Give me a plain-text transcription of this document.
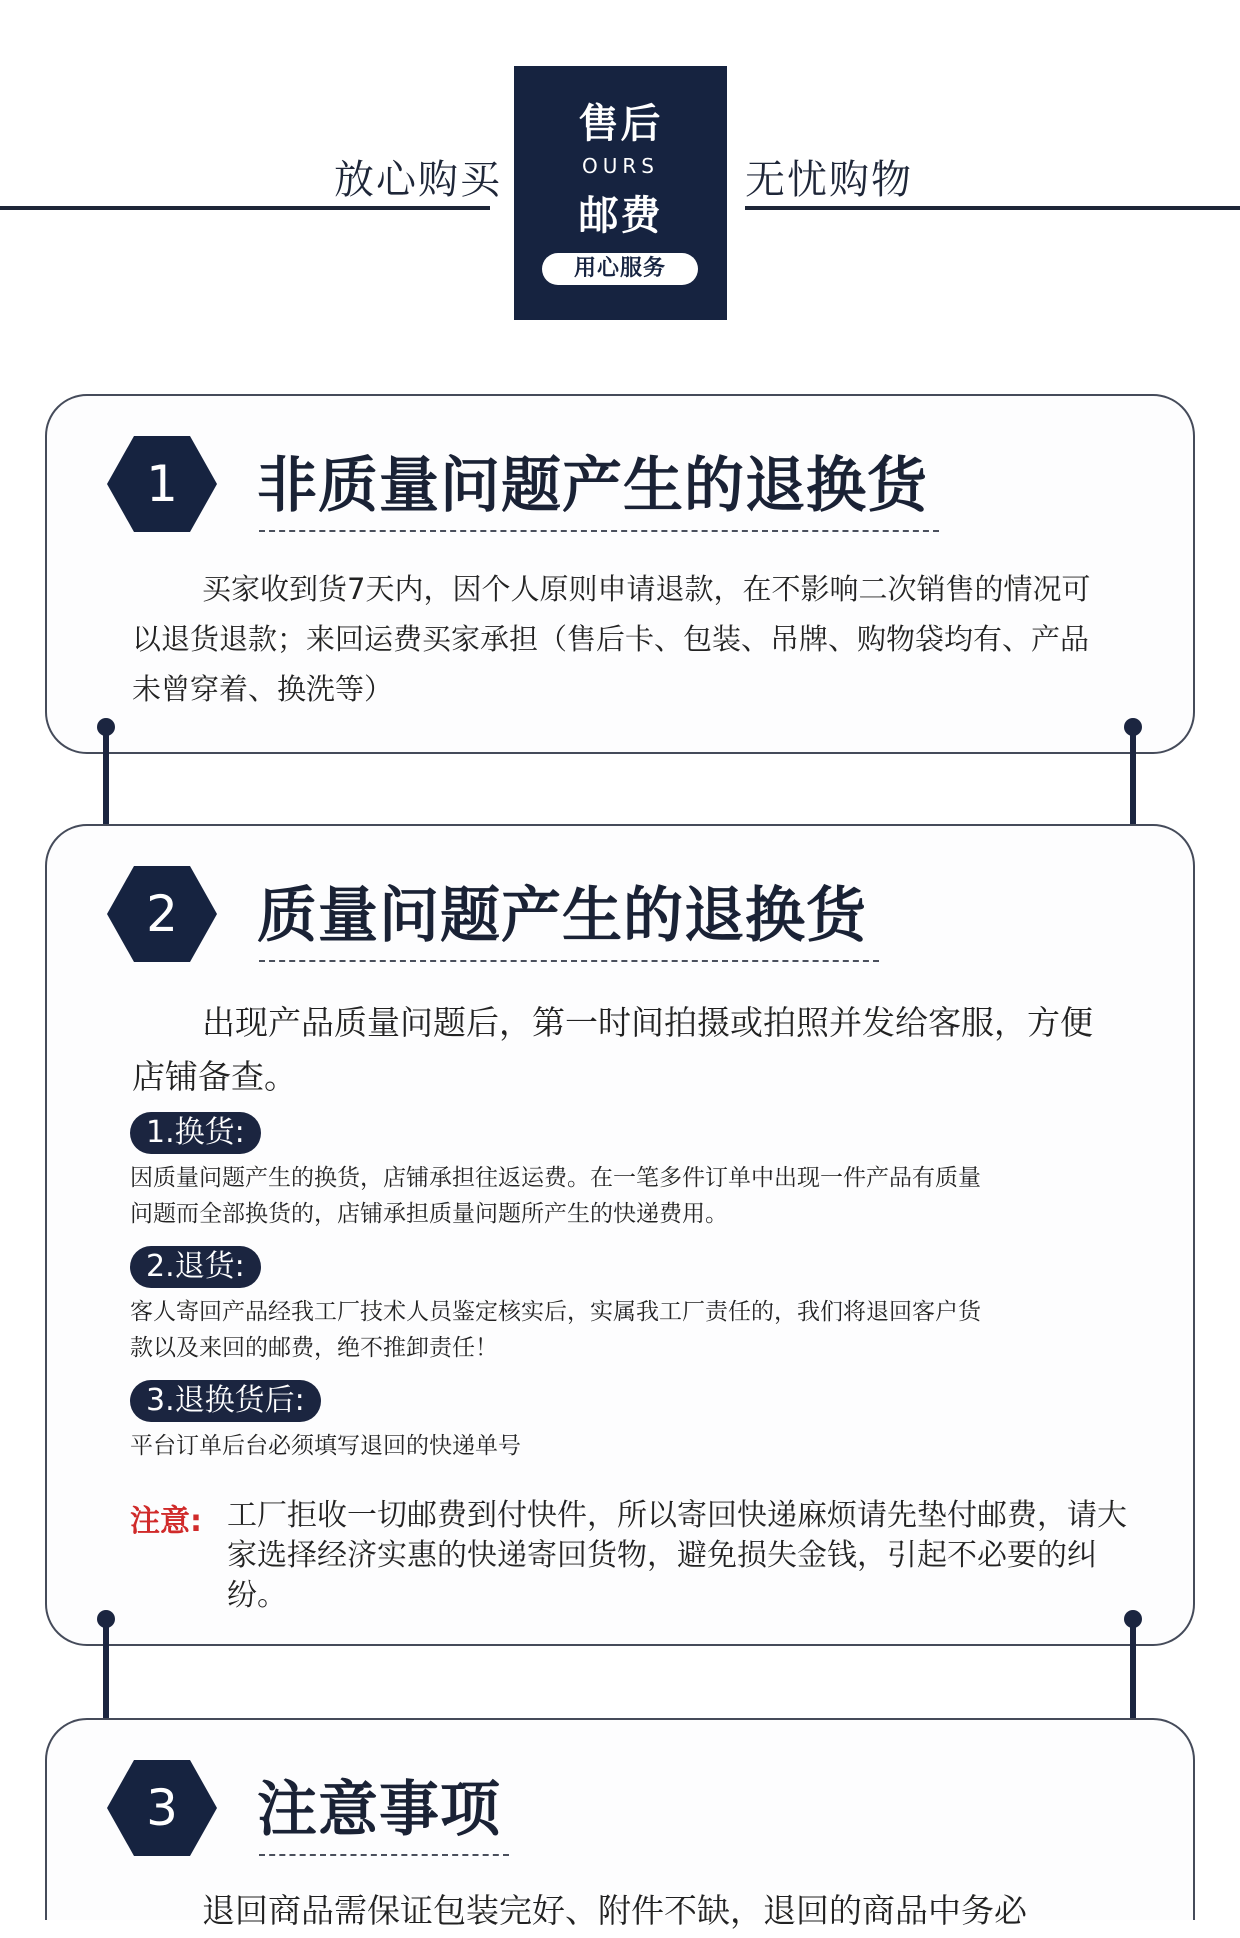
放心购买	无忧购物
售后
OURS
邮费
用心服务
1	非质量问题产生的退换货
买家收到货7天内，因个人原则申请退款，在不影响二次销售的情况可以退货退款；来回运费买家承担（售后卡、包装、吊牌、购物袋均有、产品未曾穿着、换洗等）
2	质量问题产生的退换货
出现产品质量问题后，第一时间拍摄或拍照并发给客服，方便店铺备查。
1.换货:
因质量问题产生的换货，店铺承担往返运费。在一笔多件订单中出现一件产品有质量
问题而全部换货的，店铺承担质量问题所产生的快递费用。
2.退货:
客人寄回产品经我工厂技术人员鉴定核实后，实属我工厂责任的，我们将退回客户货
款以及来回的邮费，绝不推卸责任！
3.退换货后:
平台订单后台必须填写退回的快递单号
注意: 工厂拒收一切邮费到付快件，所以寄回快递麻烦请先垫付邮费，请大家选择经济实惠的快递寄回货物，避免损失金钱，引起不必要的纠纷。
3	注意事项
退回商品需保证包装完好、附件不缺，退回的商品中务必
